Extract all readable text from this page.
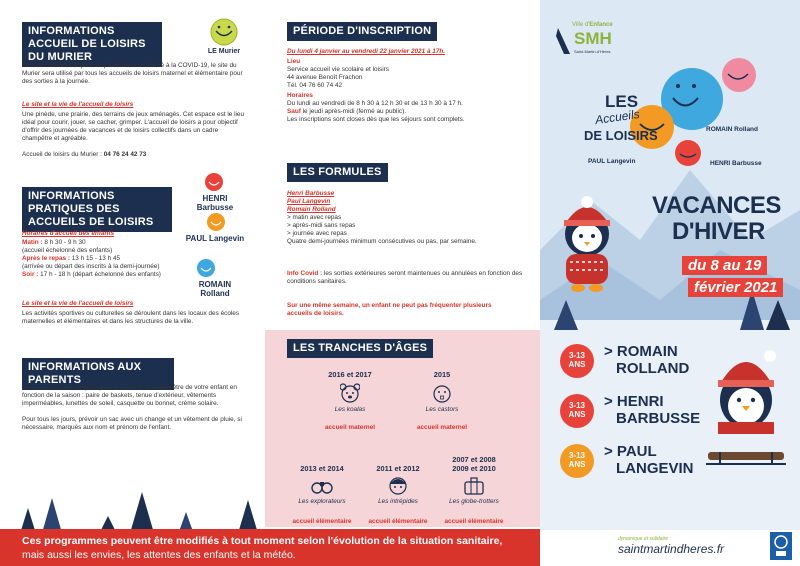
INFORMATIONS ACCUEIL DE LOISIRS DU MURIER	LE Murier
Dans le cadre du respect du protocole sanitaire lié à la COVID-19, le site du Murier sera utilisé par tous les accueils de loisirs maternel et élémentaire pour des sorties à la journée.
Le site et la vie de l'accueil de loisirs
Une pinède, une prairie, des terrains de jeux aménagés. Cet espace est le lieu idéal pour courir, jouer, se cacher, grimper. L'accueil de loisirs a pour objectif d'offrir des journées de vacances et de loisirs collectifs dans un cadre champêtre et agréable.
Accueil de loisirs du Murier : 04 76 24 42 73
INFORMATIONS PRATIQUES DES ACCUEILS DE LOISIRS
HENRI Barbusse
PAUL Langevin
ROMAIN Rolland
Horaires d'accueil des enfants
Matin : 8 h 30 - 9 h 30
(accueil échelonné des enfants)
Après le repas : 13 h 15 - 13 h 45
(arrivée ou départ des inscrits à la demi-journée)
Soir : 17 h - 18 h (départ échelonné des enfants)
Le site et la vie de l'accueil de loisirs
Les activités sportives ou culturelles se déroulent dans les locaux des écoles maternelles et élémentaires et dans les structures de la ville.
INFORMATIONS AUX PARENTS
Prévoir une tenue adaptée pour la sécurité et le bien-être de votre enfant en fonction de la saison : paire de baskets, tenue d'extérieur, vêtements imperméables, lunettes de soleil, casquette ou bonnet, crème solaire.
Pour tous les jours, prévoir un sac avec un change et un vêtement de pluie, si nécessaire, marqués aux nom et prénom de l'enfant.
PÉRIODE D'INSCRIPTION
Du lundi 4 janvier au vendredi 22 janvier 2021 à 17h.
Lieu
Service accueil vie scolaire et loisirs
44 avenue Benoît Frachon
Tél. 04 76 60 74 42
Horaires
Du lundi au vendredi de 8 h 30 à 12 h 30 et de 13 h 30 à 17 h.
Sauf le jeudi après-midi (fermé au public).
Les inscriptions sont closes dès que les séjours sont complets.
LES FORMULES
Henri Barbusse
Paul Langevin
Romain Rolland
> matin avec repas
> après-midi sans repas
> journée avec repas
Quatre demi-journées minimum consécutives ou pas, par semaine.
Info Covid : les sorties extérieures seront maintenues ou annulées en fonction des conditions sanitaires.
Sur une même semaine, un enfant ne peut pas fréquenter plusieurs accueils de loisirs.
LES TRANCHES D'ÂGES
2016 et 2017
Les koalas
accueil maternel
2015
Les castors
accueil maternel
2013 et 2014
Les explorateurs
accueil élémentaire
2011 et 2012
Les intrépides
accueil élémentaire
2007 et 2008 2009 et 2010
Les globe-trotters
accueil élémentaire
Ville d'Enfance
SMH
Saint-Martin-d'Hères
LES
Accueils
DE LOISIRS	ROMAIN Rolland
PAUL Langevin	HENRI Barbusse
VACANCES
D'HIVER
du 8 au 19
février 2021
3-13 ANS
> ROMAIN
ROLLAND
3-13 ANS
> HENRI
BARBUSSE
3-13 ANS
> PAUL
LANGEVIN
dynamique et solidaire
saintmartindheres.fr
Ces programmes peuvent être modifiés à tout moment selon l'évolution de la situation sanitaire,
mais aussi les envies, les attentes des enfants et la météo.
